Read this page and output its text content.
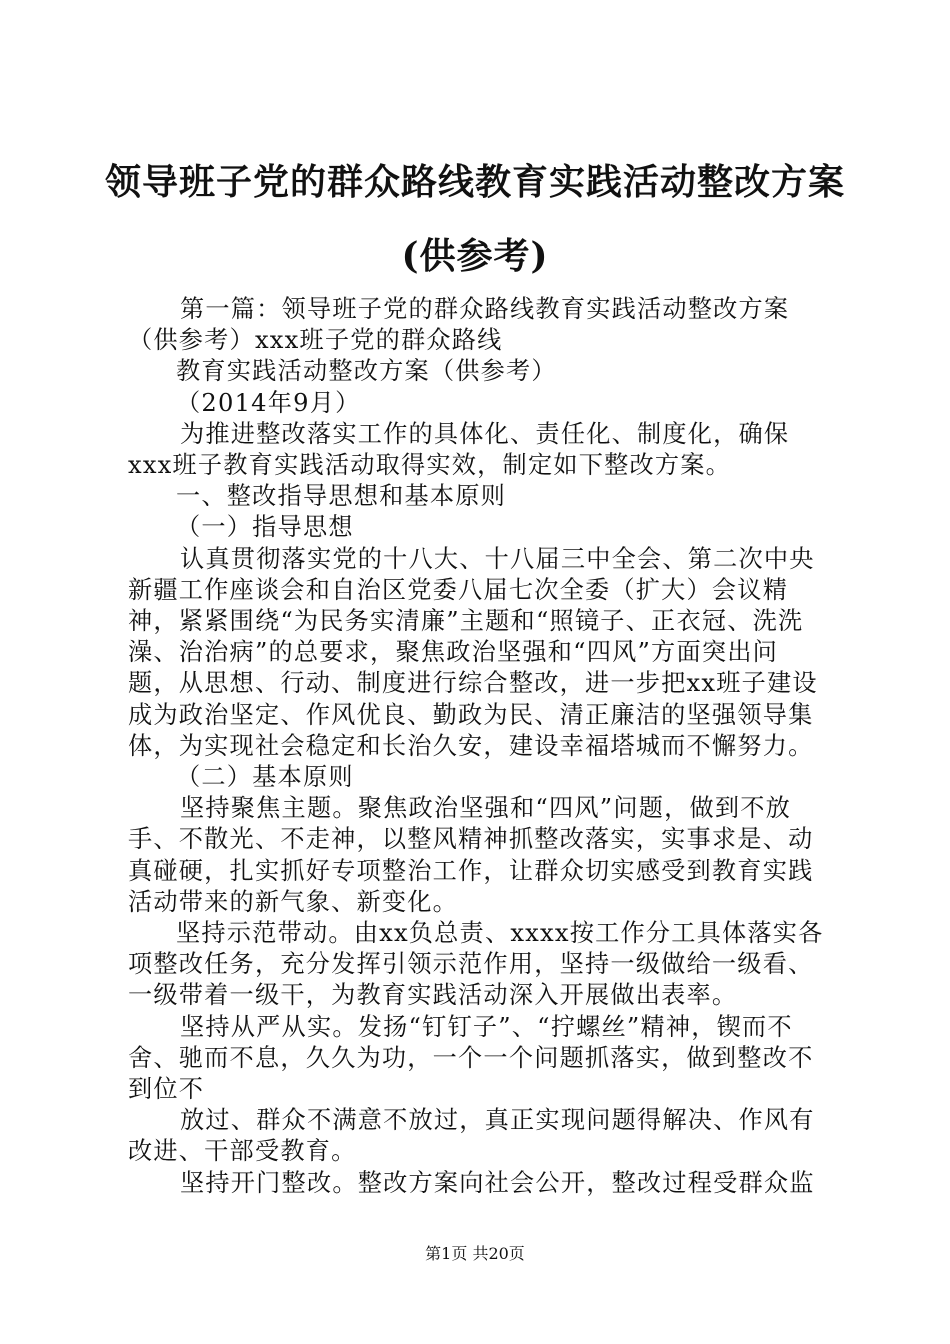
领导班子党的群众路线教育实践活动整改方案
(供参考)

第一篇：领导班子党的群众路线教育实践活动整改方案（供参考）xxx班子党的群众路线

教育实践活动整改方案（供参考）

（2014年9月）

为推进整改落实工作的具体化、责任化、制度化，确保xxx班子教育实践活动取得实效，制定如下整改方案。

一、整改指导思想和基本原则

（一）指导思想

认真贯彻落实党的十八大、十八届三中全会、第二次中央新疆工作座谈会和自治区党委八届七次全委（扩大）会议精神，紧紧围绕“为民务实清廉”主题和“照镜子、正衣冠、洗洗澡、治治病”的总要求，聚焦政治坚强和“四风”方面突出问题，从思想、行动、制度进行综合整改，进一步把xx班子建设成为政治坚定、作风优良、勤政为民、清正廉洁的坚强领导集体，为实现社会稳定和长治久安，建设幸福塔城而不懈努力。

（二）基本原则

坚持聚焦主题。聚焦政治坚强和“四风”问题，做到不放手、不散光、不走神，以整风精神抓整改落实，实事求是、动真碰硬，扎实抓好专项整治工作，让群众切实感受到教育实践活动带来的新气象、新变化。

坚持示范带动。由xx负总责、xxxx按工作分工具体落实各项整改任务，充分发挥引领示范作用，坚持一级做给一级看、一级带着一级干，为教育实践活动深入开展做出表率。

坚持从严从实。发扬“钉钉子”、“拧螺丝”精神，锲而不舍、驰而不息，久久为功，一个一个问题抓落实，做到整改不到位不

放过、群众不满意不放过，真正实现问题得解决、作风有改进、干部受教育。

坚持开门整改。整改方案向社会公开，整改过程受群众监

第1页 共20页
